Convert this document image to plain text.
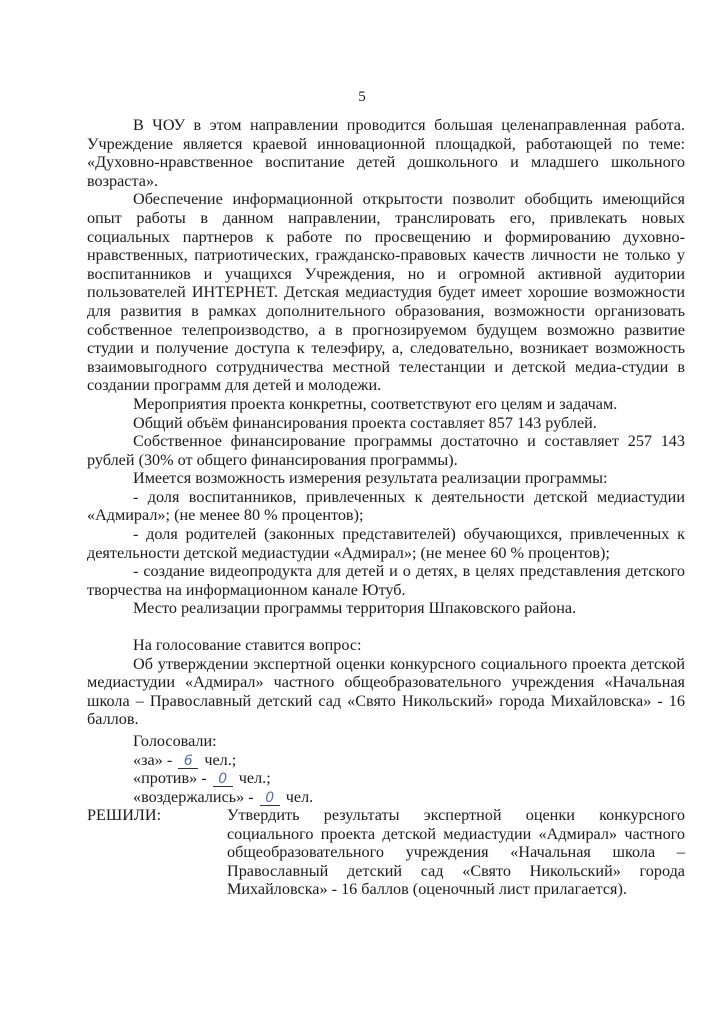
5

В ЧОУ в этом направлении проводится большая целенаправленная работа. Учреждение является краевой инновационной площадкой, работающей по теме: «Духовно-нравственное воспитание детей дошкольного и младшего школьного возраста».

Обеспечение информационной открытости позволит обобщить имеющийся опыт работы в данном направлении, транслировать его, привлекать новых социальных партнеров к работе по просвещению и формированию духовно-нравственных, патриотических, гражданско-правовых качеств личности не только у воспитанников и учащихся Учреждения, но и огромной активной аудитории пользователей ИНТЕРНЕТ. Детская медиастудия будет имеет хорошие возможности для развития в рамках дополнительного образования, возможности организовать собственное телепроизводство, а в прогнозируемом будущем возможно развитие студии и получение доступа к телеэфиру, а, следовательно, возникает возможность взаимовыгодного сотрудничества местной телестанции и детской медиа-студии в создании программ для детей и молодежи.

Мероприятия проекта конкретны, соответствуют его целям и задачам.

Общий объём финансирования проекта составляет 857 143 рублей.

Собственное финансирование программы достаточно и составляет 257 143 рублей (30% от общего финансирования программы).

Имеется возможность измерения результата реализации программы:

- доля воспитанников, привлеченных к деятельности детской медиастудии «Адмирал»; (не менее 80 % процентов);

- доля родителей (законных представителей) обучающихся, привлеченных к деятельности детской медиастудии «Адмирал»; (не менее 60 % процентов);

- создание видеопродукта для детей и о детях, в целях представления детского творчества на информационном канале Ютуб.

Место реализации программы территория Шпаковского района.

На голосование ставится вопрос:

Об утверждении экспертной оценки конкурсного социального проекта детской медиастудии «Адмирал» частного общеобразовательного учреждения «Начальная школа – Православный детский сад «Свято Никольский» города Михайловска» - 16 баллов.

Голосовали:
«за» - 6 чел.;
«против» - 0 чел.;
«воздержались» - 0 чел.
РЕШИЛИ:	Утвердить результаты экспертной оценки конкурсного социального проекта детской медиастудии «Адмирал» частного общеобразовательного учреждения «Начальная школа – Православный детский сад «Свято Никольский» города Михайловска» - 16 баллов (оценочный лист прилагается).
